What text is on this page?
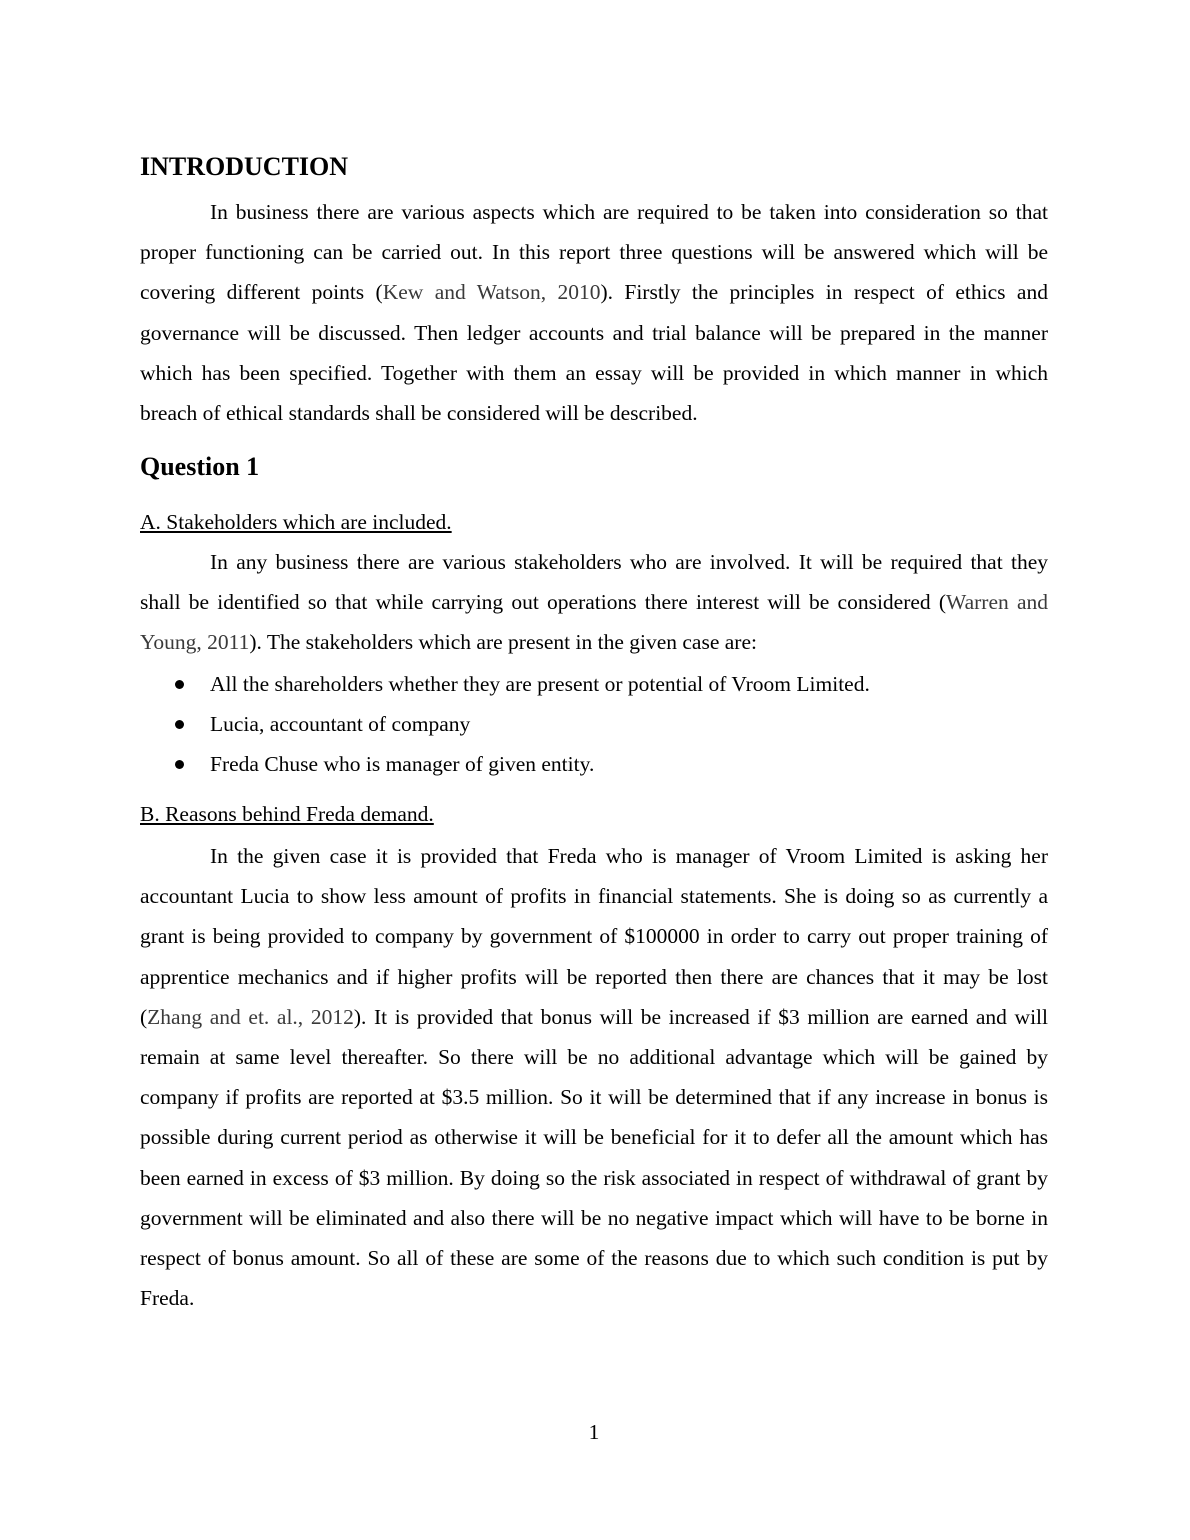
INTRODUCTION

In business there are various aspects which are required to be taken into consideration so that proper functioning can be carried out. In this report three questions will be answered which will be covering different points (Kew and Watson, 2010). Firstly the principles in respect of ethics and governance will be discussed. Then ledger accounts and trial balance will be prepared in the manner which has been specified. Together with them an essay will be provided in which manner in which breach of ethical standards shall be considered will be described.

Question 1

A. Stakeholders which are included.

In any business there are various stakeholders who are involved. It will be required that they shall be identified so that while carrying out operations there interest will be considered (Warren and Young, 2011). The stakeholders which are present in the given case are:

All the shareholders whether they are present or potential of Vroom Limited.
Lucia, accountant of company
Freda Chuse who is manager of given entity.

B. Reasons behind Freda demand.

In the given case it is provided that Freda who is manager of Vroom Limited is asking her accountant Lucia to show less amount of profits in financial statements. She is doing so as currently a grant is being provided to company by government of $100000 in order to carry out proper training of apprentice mechanics and if higher profits will be reported then there are chances that it may be lost (Zhang and et. al., 2012). It is provided that bonus will be increased if $3 million are earned and will remain at same level thereafter. So there will be no additional advantage which will be gained by company if profits are reported at $3.5 million. So it will be determined that if any increase in bonus is possible during current period as otherwise it will be beneficial for it to defer all the amount which has been earned in excess of $3 million. By doing so the risk associated in respect of withdrawal of grant by government will be eliminated and also there will be no negative impact which will have to be borne in respect of bonus amount. So all of these are some of the reasons due to which such condition is put by Freda.

1
